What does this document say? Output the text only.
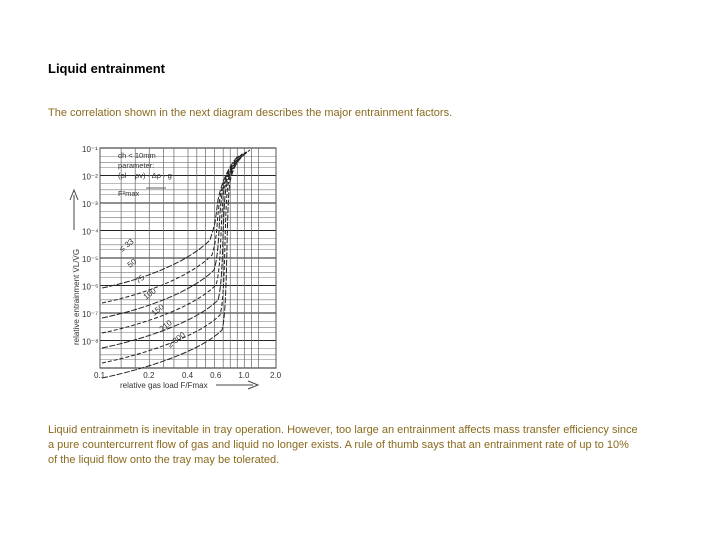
Liquid entrainment
The correlation shown in the next diagram describes the major entrainment factors.
10⁻¹
10⁻²
10⁻³
10⁻⁴
10⁻⁵
10⁻⁶
10⁻⁷
10⁻⁸
0.1	0.2	0.4 0.6 1.0	2.0
dh < 10mm
parameter:
(ρl − ρv) · Δρ · g
F²max
≤ 33
50
75
100
150
210
≥ 300
relative entrainment V̇L/V̇G
relative gas load F/Fmax
Liquid entrainmetn is inevitable in tray operation. However, too large an entrainment affects mass transfer efficiency since a pure countercurrent flow of gas and liquid no longer exists. A rule of thumb says that an entrainment rate of up to 10% of the liquid flow onto the tray may be tolerated.
